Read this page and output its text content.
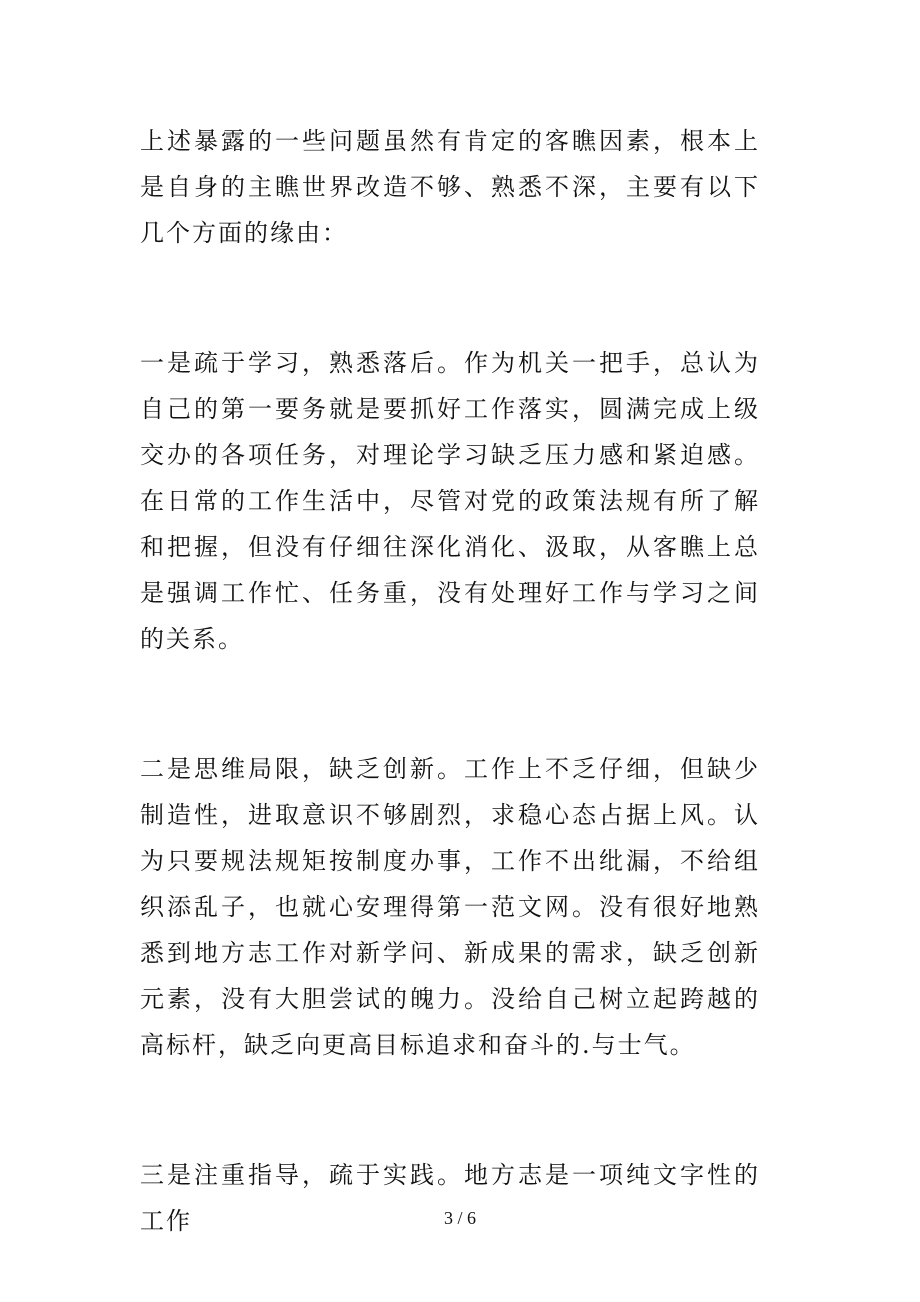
上述暴露的一些问题虽然有肯定的客瞧因素，根本上是自身的主瞧世界改造不够、熟悉不深，主要有以下几个方面的缘由：

一是疏于学习，熟悉落后。作为机关一把手，总认为自己的第一要务就是要抓好工作落实，圆满完成上级交办的各项任务，对理论学习缺乏压力感和紧迫感。在日常的工作生活中，尽管对党的政策法规有所了解和把握，但没有仔细往深化消化、汲取，从客瞧上总是强调工作忙、任务重，没有处理好工作与学习之间的关系。

二是思维局限，缺乏创新。工作上不乏仔细，但缺少制造性，进取意识不够剧烈，求稳心态占据上风。认为只要规法规矩按制度办事，工作不出纰漏，不给组织添乱子，也就心安理得第一范文网。没有很好地熟悉到地方志工作对新学问、新成果的需求，缺乏创新元素，没有大胆尝试的魄力。没给自己树立起跨越的高标杆，缺乏向更高目标追求和奋斗的.与士气。

三是注重指导，疏于实践。地方志是一项纯文字性的工作	3 / 6
